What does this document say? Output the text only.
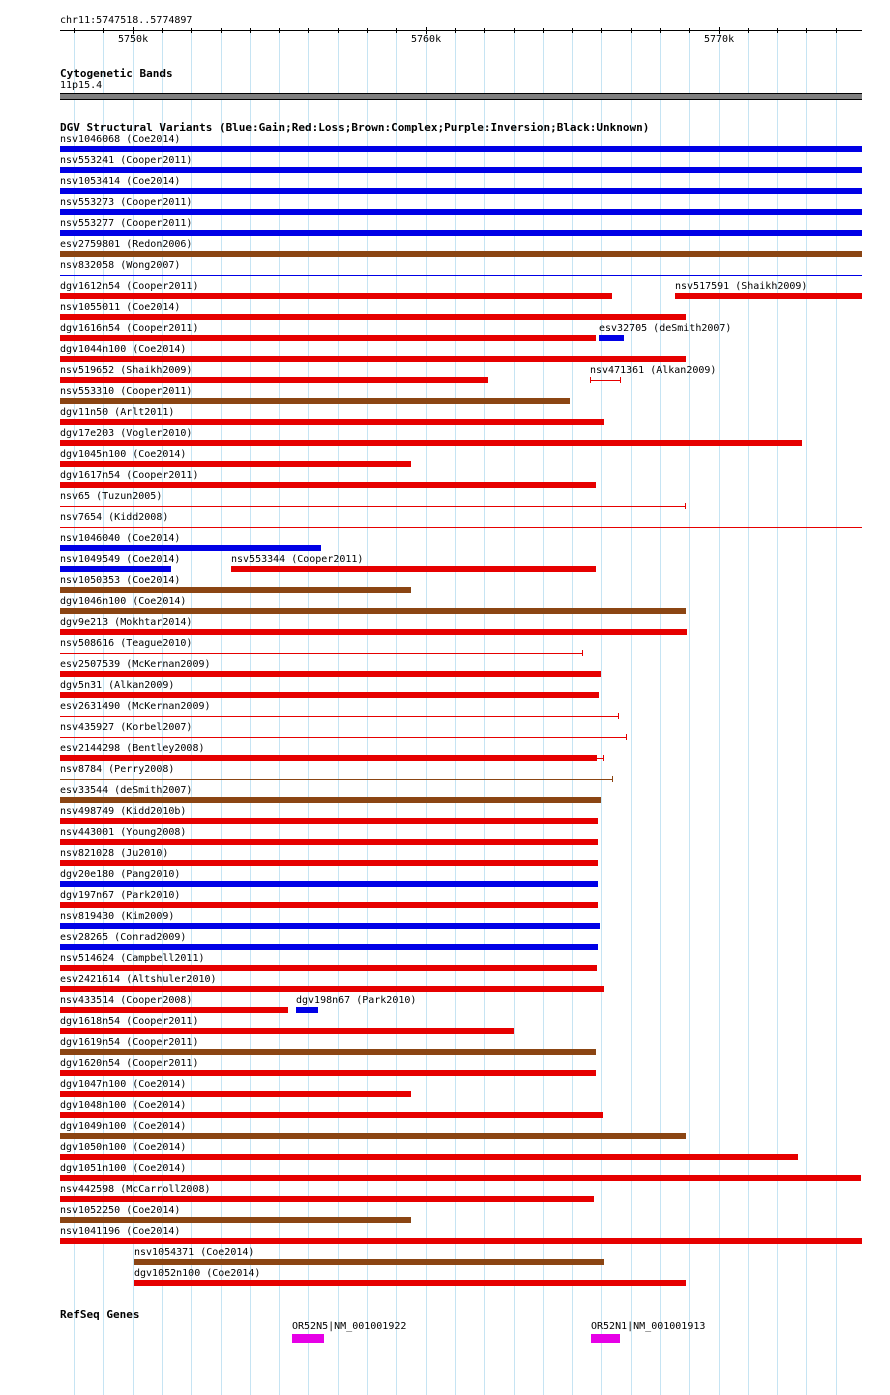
chr11:5747518..5774897
5750k	5760k	5770k
Cytogenetic Bands
11p15.4
DGV Structural Variants (Blue:Gain;Red:Loss;Brown:Complex;Purple:Inversion;Black:Unknown)
nsv1046068 (Coe2014)
nsv553241 (Cooper2011)
nsv1053414 (Coe2014)
nsv553273 (Cooper2011)
nsv553277 (Cooper2011)
esv2759801 (Redon2006)
nsv832058 (Wong2007)
dgv1612n54 (Cooper2011)	nsv517591 (Shaikh2009)
nsv1055011 (Coe2014)
dgv1616n54 (Cooper2011)	esv32705 (deSmith2007)
dgv1044n100 (Coe2014)
nsv519652 (Shaikh2009)	nsv471361 (Alkan2009)
nsv553310 (Cooper2011)
dgv11n50 (Arlt2011)
dgv17e203 (Vogler2010)
dgv1045n100 (Coe2014)
dgv1617n54 (Cooper2011)
nsv65 (Tuzun2005)
nsv7654 (Kidd2008)
nsv1046040 (Coe2014)
nsv1049549 (Coe2014)	nsv553344 (Cooper2011)
nsv1050353 (Coe2014)
dgv1046n100 (Coe2014)
dgv9e213 (Mokhtar2014)
nsv508616 (Teague2010)
esv2507539 (McKernan2009)
dgv5n31 (Alkan2009)
esv2631490 (McKernan2009)
nsv435927 (Korbel2007)
esv2144298 (Bentley2008)
nsv8784 (Perry2008)
esv33544 (deSmith2007)
nsv498749 (Kidd2010b)
nsv443001 (Young2008)
nsv821028 (Ju2010)
dgv20e180 (Pang2010)
dgv197n67 (Park2010)
nsv819430 (Kim2009)
esv28265 (Conrad2009)
nsv514624 (Campbell2011)
esv2421614 (Altshuler2010)
nsv433514 (Cooper2008)	dgv198n67 (Park2010)
dgv1618n54 (Cooper2011)
dgv1619n54 (Cooper2011)
dgv1620n54 (Cooper2011)
dgv1047n100 (Coe2014)
dgv1048n100 (Coe2014)
dgv1049n100 (Coe2014)
dgv1050n100 (Coe2014)
dgv1051n100 (Coe2014)
nsv442598 (McCarroll2008)
nsv1052250 (Coe2014)
nsv1041196 (Coe2014)
nsv1054371 (Coe2014)
dgv1052n100 (Coe2014)
RefSeq Genes
OR52N5|NM_001001922	OR52N1|NM_001001913
